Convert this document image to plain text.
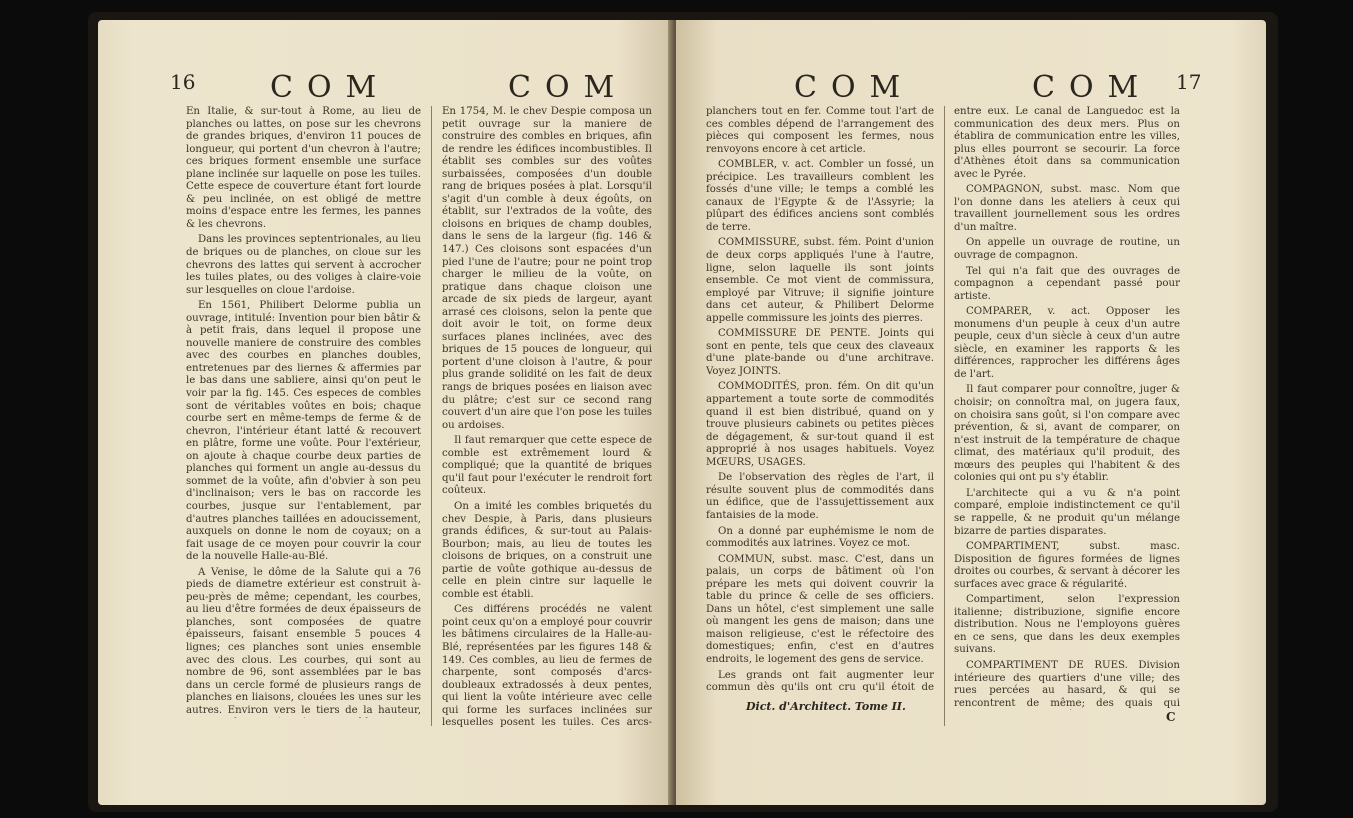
16 COM	COM

En Italie, & sur-tout à Rome, au lieu de planches ou lattes, on pose sur les chevrons de grandes briques, d'environ 11 pouces de longueur, qui portent d'un chevron à l'autre; ces briques forment ensemble une surface plane inclinée sur laquelle on pose les tuiles. Cette espece de couverture étant fort lourde & peu inclinée, on est obligé de mettre moins d'espace entre les fermes, les pannes & les chevrons.

Dans les provinces septentrionales, au lieu de briques ou de planches, on cloue sur les chevrons des lattes qui servent à accrocher les tuiles plates, ou des voliges à claire-voie sur lesquelles on cloue l'ardoise.

En 1561, Philibert Delorme publia un ouvrage, intitulé: Invention pour bien bâtir & à petit frais, dans lequel il propose une nouvelle maniere de construire des combles avec des courbes en planches doubles, entretenues par des liernes & affermies par le bas dans une sabliere, ainsi qu'on peut le voir par la fig. 145. Ces especes de combles sont de véritables voûtes en bois; chaque courbe sert en même-temps de ferme & de chevron, l'intérieur étant latté & recouvert en plâtre, forme une voûte. Pour l'extérieur, on ajoute à chaque courbe deux parties de planches qui forment un angle au-dessus du sommet de la voûte, afin d'obvier à son peu d'inclinaison; vers le bas on raccorde les courbes, jusque sur l'entablement, par d'autres planches taillées en adoucissement, auxquels on donne le nom de coyaux; on a fait usage de ce moyen pour couvrir la cour de la nouvelle Halle-au-Blé.

A Venise, le dôme de la Salute qui a 76 pieds de diametre extérieur est construit à-peu-près de même; cependant, les courbes, au lieu d'être formées de deux épaisseurs de planches, sont composées de quatre épaisseurs, faisant ensemble 5 pouces 4 lignes; ces planches sont unies ensemble avec des clous. Les courbes, qui sont au nombre de 96, sont assemblées par le bas dans un cercle formé de plusieurs rangs de planches en liaisons, clouées les unes sur les autres. Environ vers le tiers de la hauteur,

En 1754, M. le chev Despie composa un petit ouvrage sur la maniere de construire des combles en briques, afin de rendre les édifices incombustibles. Il établit ses combles sur des voûtes surbaissées, composées d'un double rang de briques posées à plat. Lorsqu'il s'agit d'un comble à deux égoûts, on établit, sur l'extrados de la voûte, des cloisons en briques de champ doubles, dans le sens de la largeur (fig. 146 & 147.) Ces cloisons sont espacées d'un pied l'une de l'autre; pour ne point trop charger le milieu de la voûte, on pratique dans chaque cloison une arcade de six pieds de largeur, ayant arrasé ces cloisons, selon la pente que doit avoir le toit, on forme deux surfaces planes inclinées, avec des briques de 15 pouces de longueur, qui portent d'une cloison à l'autre, & pour plus grande solidité on les fait de deux rangs de briques posées en liaison avec du plâtre; c'est sur ce second rang couvert d'un aire que l'on pose les tuiles ou ardoises.

Il faut remarquer que cette espece de comble est extrêmement lourd & compliqué; que la quantité de briques qu'il faut pour l'exécuter le rendroit fort coûteux.

On a imité les combles briquetés du chev Despie, à Paris, dans plusieurs grands édifices, & sur-tout au Palais-Bourbon; mais, au lieu de toutes les cloisons de briques, on a construit une partie de voûte gothique au-dessus de celle en plein cintre sur laquelle le comble est établi.

Ces différens procédés ne valent point ceux qu'on a employé pour couvrir les bâtimens circulaires de la Halle-au-Blé, représentées par les figures 148 & 149. Ces combles, au lieu de fermes de charpente, sont composés d'arcs-doubleaux extradossés à deux pentes, qui lient la voûte intérieure avec celle qui forme les surfaces inclinées sur lesquelles posent les tuiles. Ces arcs-

COM	COM 17

planchers tout en fer. Comme tout l'art de ces combles dépend de l'arrangement des pièces qui composent les fermes, nous renvoyons encore à cet article.

COMBLER, v. act. Combler un fossé, un précipice. Les travailleurs comblent les fossés d'une ville; le temps a comblé les canaux de l'Egypte & de l'Assyrie; la plûpart des édifices anciens sont comblés de terre.

COMMISSURE, subst. fém. Point d'union de deux corps appliqués l'une à l'autre, ligne, selon laquelle ils sont joints ensemble. Ce mot vient de commissura, employé par Vitruve; il signifie jointure dans cet auteur, & Philibert Delorme appelle commissure les joints des pierres.

COMMISSURE DE PENTE. Joints qui sont en pente, tels que ceux des claveaux d'une plate-bande ou d'une architrave. Voyez JOINTS.

COMMODITÉS, pron. fém. On dit qu'un appartement a toute sorte de commodités quand il est bien distribué, quand on y trouve plusieurs cabinets ou petites pièces de dégagement, & sur-tout quand il est approprié à nos usages habituels. Voyez MŒURS, USAGES.

De l'observation des règles de l'art, il résulte souvent plus de commodités dans un édifice, que de l'assujettissement aux fantaisies de la mode.

On a donné par euphémisme le nom de commodités aux latrines. Voyez ce mot.

COMMUN, subst. masc. C'est, dans un palais, un corps de bâtiment où l'on prépare les mets qui doivent couvrir la table du prince & celle de ses officiers. Dans un hôtel, c'est simplement une salle où mangent les gens de maison; dans une maison religieuse, c'est le réfectoire des domestiques; enfin, c'est en d'autres endroits, le logement des gens de service.

Les grands ont fait augmenter leur commun dès qu'ils ont cru qu'il étoit de

entre eux. Le canal de Languedoc est la communication des deux mers. Plus on établira de communication entre les villes, plus elles pourront se secourir. La force d'Athènes étoit dans sa communication avec le Pyrée.

COMPAGNON, subst. masc. Nom que l'on donne dans les ateliers à ceux qui travaillent journellement sous les ordres d'un maître.

On appelle un ouvrage de routine, un ouvrage de compagnon.

Tel qui n'a fait que des ouvrages de compagnon a cependant passé pour artiste.

COMPARER, v. act. Opposer les monumens d'un peuple à ceux d'un autre peuple, ceux d'un siècle à ceux d'un autre siècle, en examiner les rapports & les différences, rapprocher les différens âges de l'art.

Il faut comparer pour connoître, juger & choisir; on connoîtra mal, on jugera faux, on choisira sans goût, si l'on compare avec prévention, & si, avant de comparer, on n'est instruit de la température de chaque climat, des matériaux qu'il produit, des mœurs des peuples qui l'habitent & des colonies qui ont pu s'y établir.

L'architecte qui a vu & n'a point comparé, emploie indistinctement ce qu'il se rappelle, & ne produit qu'un mélange bizarre de parties disparates.

COMPARTIMENT, subst. masc. Disposition de figures formées de lignes droites ou courbes, & servant à décorer les surfaces avec grace & régularité.

Compartiment, selon l'expression italienne; distribuzione, signifie encore distribution. Nous ne l'employons guères en ce sens, que dans les deux exemples suivans.

COMPARTIMENT DE RUES. Division intérieure des quartiers d'une ville; des rues percées au hasard, & qui se rencontrent de même; des quais qui

Dict. d'Architect. Tome II.
C
